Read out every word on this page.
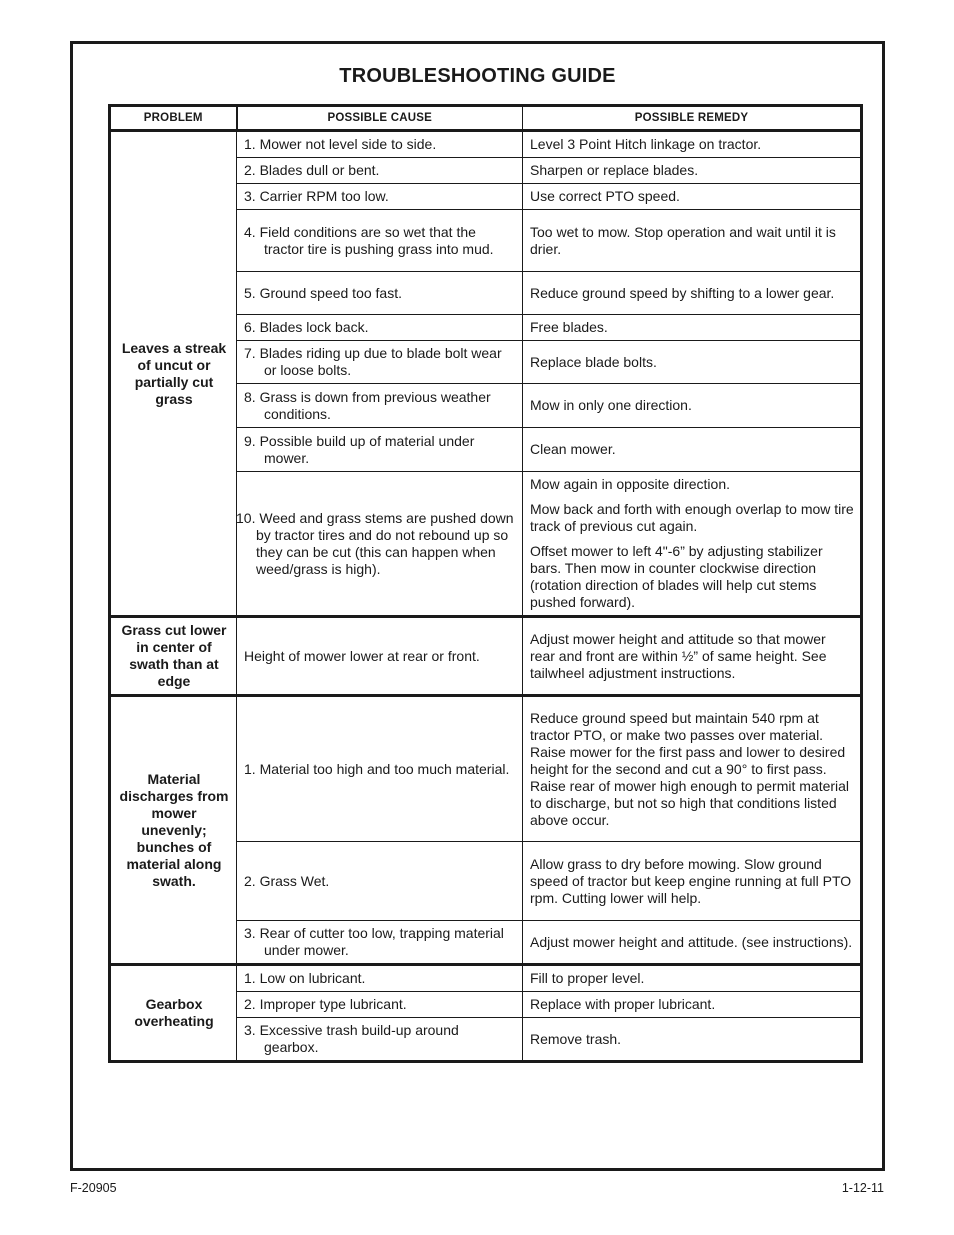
TROUBLESHOOTING GUIDE
PROBLEM	POSSIBLE CAUSE	POSSIBLE REMEDY
Leaves a streak of uncut or partially cut grass	1. Mower not level side to side.	Level 3 Point Hitch linkage on tractor.

	2. Blades dull or bent.	Sharpen or replace blades.

	3. Carrier RPM too low.	Use correct PTO speed.

	4. Field conditions are so wet that the tractor tire is pushing grass into mud.	Too wet to mow. Stop operation and wait until it is drier.

	5. Ground speed too fast.	Reduce ground speed by shifting to a lower gear.

	6. Blades lock back.	Free blades.

	7. Blades riding up due to blade bolt wear or loose bolts.	Replace blade bolts.

	8. Grass is down from previous weather conditions.	Mow in only one direction.

	9. Possible build up of material under mower.	Clean mower.

	10. Weed and grass stems are pushed down by tractor tires and do not rebound up so they can be cut (this can happen when weed/grass is high).	Mow again in opposite direction.
Mow back and forth with enough overlap to mow tire track of previous cut again.
Offset mower to left 4"-6” by adjusting stabilizer bars. Then mow in counter clockwise direction (rotation direction of blades will help cut stems pushed forward).

Grass cut lower in center of swath than at edge	Height of mower lower at rear or front.	Adjust mower height and attitude so that mower rear and front are within ½” of same height. See tailwheel adjustment instructions.
Material discharges from mower unevenly; bunches of material along swath.	1. Material too high and too much material.	Reduce ground speed but maintain 540 rpm at tractor PTO, or make two passes over material. Raise mower for the first pass and lower to desired height for the second and cut a 90° to first pass. Raise rear of mower high enough to permit material to discharge, but not so high that conditions listed above occur.

	2. Grass Wet.	Allow grass to dry before mowing. Slow ground speed of tractor but keep engine running at full PTO rpm. Cutting lower will help.

	3. Rear of cutter too low, trapping material under mower.	Adjust mower height and attitude. (see instructions).
Gearbox overheating	1. Low on lubricant.	Fill to proper level.

	2. Improper type lubricant.	Replace with proper lubricant.

	3. Excessive trash build-up around gearbox.	Remove trash.
F-20905	1-12-11
